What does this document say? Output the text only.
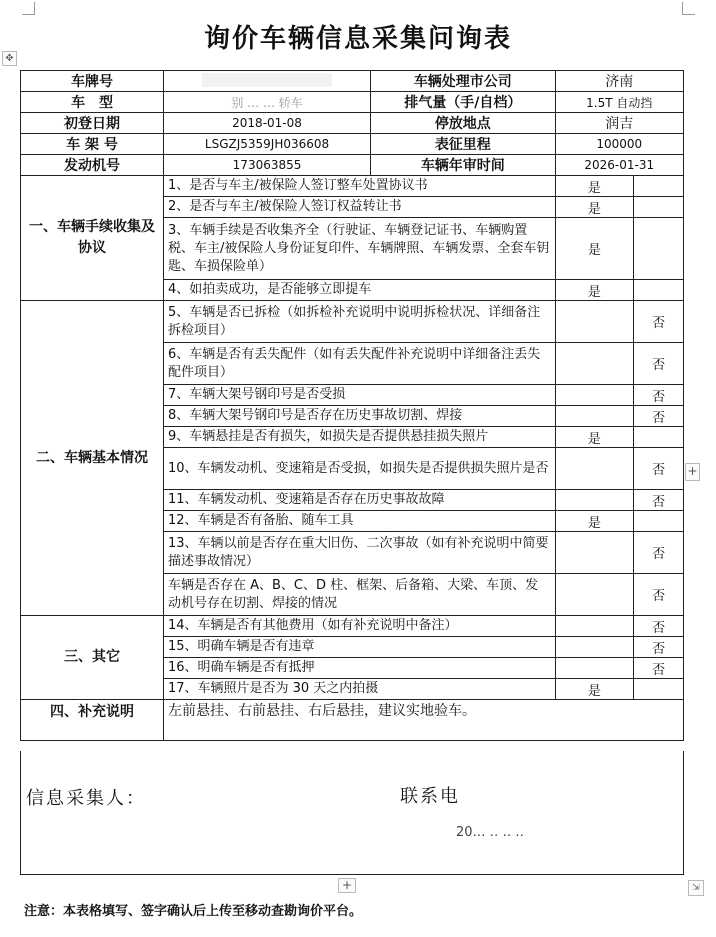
✥
询价车辆信息采集问询表
车牌号		车辆处理市公司	济南	
车　型	别 … … 轿车	排气量（手/自档）	1.5T 自动挡	
初登日期	2018-01-08	停放地点	润吉	
车 架 号	LSGZJ5359JH036608	表征里程	100000	
发动机号	173063855	车辆年审时间	2026-01-31	
一、车辆手续收集及协议	1、是否与车主/被保险人签订整车处置协议书		是	
	2、是否与车主/被保险人签订权益转让书		是	
	3、车辆手续是否收集齐全（行驶证、车辆登记证书、车辆购置税、车主/被保险人身份证复印件、车辆牌照、车辆发票、全套车钥匙、车损保险单）		是	
	4、如拍卖成功，是否能够立即提车		是	
二、车辆基本情况	5、车辆是否已拆检（如拆检补充说明中说明拆检状况、详细备注拆检项目）			否
	6、车辆是否有丢失配件（如有丢失配件补充说明中详细备注丢失配件项目）			否
	7、车辆大架号钢印号是否受损			否
	8、车辆大架号钢印号是否存在历史事故切割、焊接			否
	9、车辆悬挂是否有损失，如损失是否提供悬挂损失照片		是	
	10、车辆发动机、变速箱是否受损，如损失是否提供损失照片是否			否
	11、车辆发动机、变速箱是否存在历史事故故障			否
	12、车辆是否有备胎、随车工具		是	
	13、车辆以前是否存在重大旧伤、二次事故（如有补充说明中简要描述事故情况）			否
	车辆是否存在 A、B、C、D 柱、框架、后备箱、大梁、车顶、发动机号存在切割、焊接的情况			否
三、其它	14、车辆是否有其他费用（如有补充说明中备注）			否
	15、明确车辆是否有违章			否
	16、明确车辆是否有抵押			否
	17、车辆照片是否为 30 天之内拍摄		是	
四、补充说明	左前悬挂、右前悬挂、右后悬挂，建议实地验车。			
+
信息采集人：	联系电
20… ‥ ‥ ‥
+	⇲
注意：本表格填写、签字确认后上传至移动查勘询价平台。
